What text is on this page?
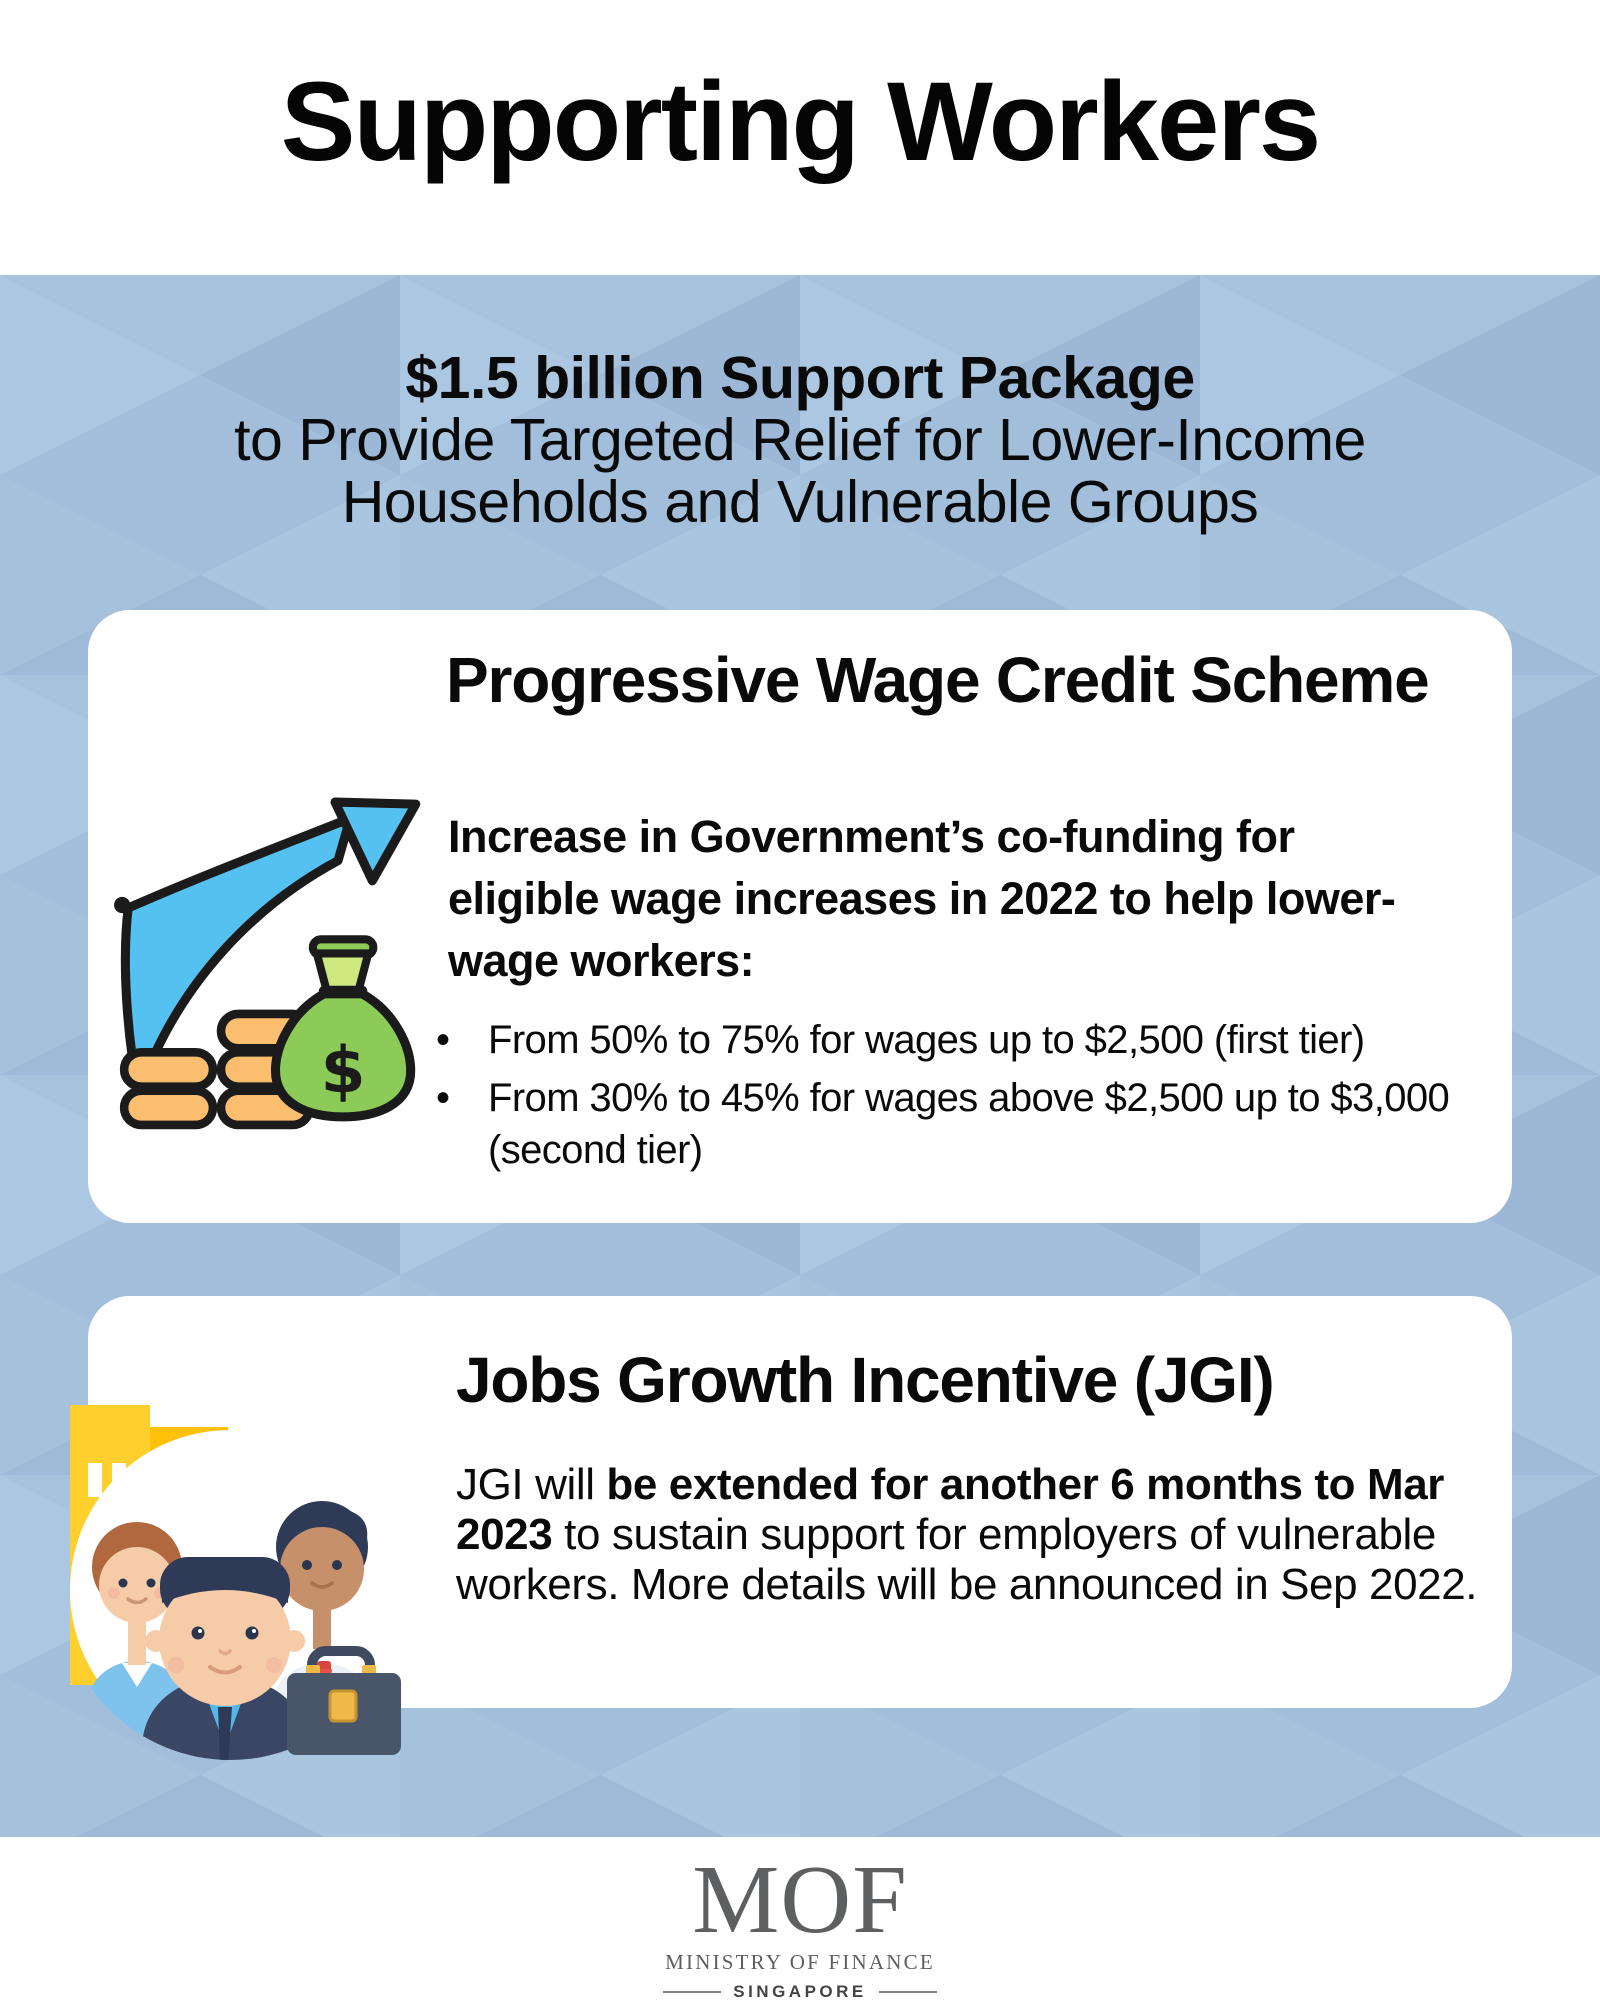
Supporting Workers
$1.5 billion Support Package
to Provide Targeted Relief for Lower-Income
Households and Vulnerable Groups
Progressive Wage Credit Scheme
$

Increase in Government’s co-funding for eligible wage increases in 2022 to help lower-wage workers:

• From 50% to 75% for wages up to $2,500 (first tier)
• From 30% to 45% for wages above $2,500 up to $3,000 (second tier)
Jobs Growth Incentive (JGI)

JGI will be extended for another 6 months to Mar 2023 to sustain support for employers of vulnerable workers. More details will be announced in Sep 2022.

MOF
MINISTRY OF FINANCE
SINGAPORE
